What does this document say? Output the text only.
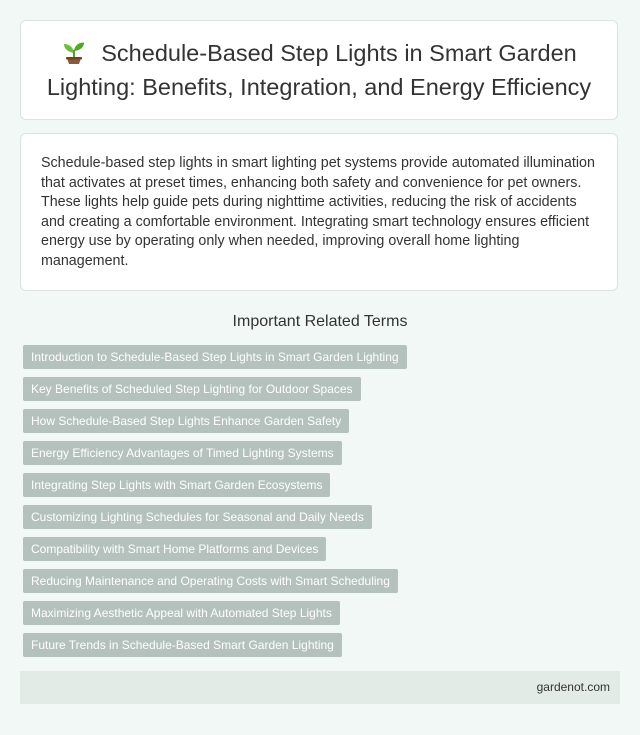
Schedule-Based Step Lights in Smart Garden Lighting: Benefits, Integration, and Energy Efficiency

Schedule-based step lights in smart lighting pet systems provide automated illumination that activates at preset times, enhancing both safety and convenience for pet owners. These lights help guide pets during nighttime activities, reducing the risk of accidents and creating a comfortable environment. Integrating smart technology ensures efficient energy use by operating only when needed, improving overall home lighting management.

Important Related Terms
Introduction to Schedule-Based Step Lights in Smart Garden Lighting
Key Benefits of Scheduled Step Lighting for Outdoor Spaces
How Schedule-Based Step Lights Enhance Garden Safety
Energy Efficiency Advantages of Timed Lighting Systems
Integrating Step Lights with Smart Garden Ecosystems
Customizing Lighting Schedules for Seasonal and Daily Needs
Compatibility with Smart Home Platforms and Devices
Reducing Maintenance and Operating Costs with Smart Scheduling
Maximizing Aesthetic Appeal with Automated Step Lights
Future Trends in Schedule-Based Smart Garden Lighting
gardenot.com
